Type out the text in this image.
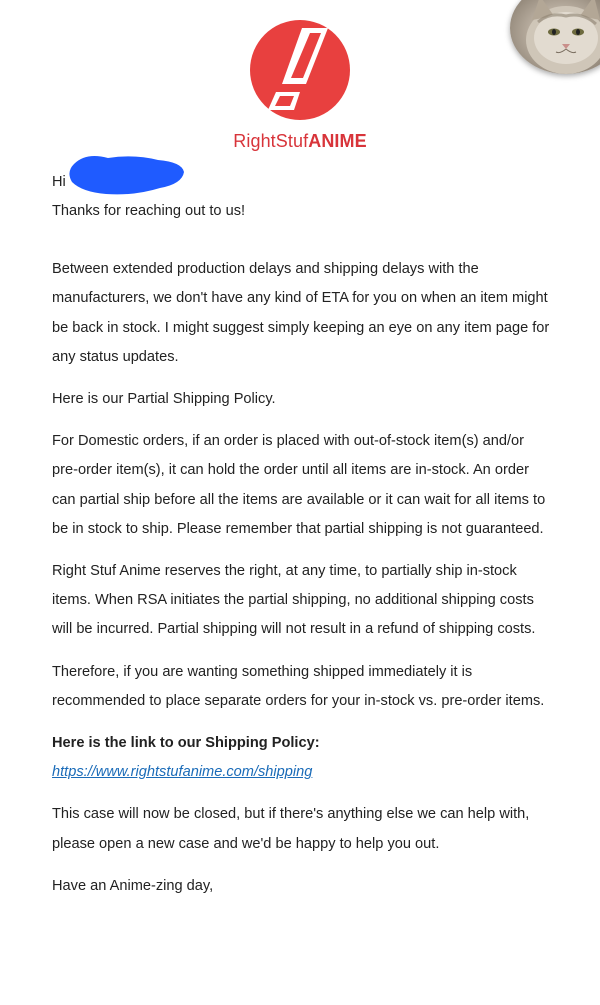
RightStufANIME
Hi

Thanks for reaching out to us!

Between extended production delays and shipping delays with the manufacturers, we don't have any kind of ETA for you on when an item might be back in stock. I might suggest simply keeping an eye on any item page for any status updates.

Here is our Partial Shipping Policy.

For Domestic orders, if an order is placed with out-of-stock item(s) and/or pre-order item(s), it can hold the order until all items are in-stock. An order can partial ship before all the items are available or it can wait for all items to be in stock to ship. Please remember that partial shipping is not guaranteed.

Right Stuf Anime reserves the right, at any time, to partially ship in-stock items. When RSA initiates the partial shipping, no additional shipping costs will be incurred. Partial shipping will not result in a refund of shipping costs.

Therefore, if you are wanting something shipped immediately it is recommended to place separate orders for your in-stock vs. pre-order items.

Here is the link to our Shipping Policy:

https://www.rightstufanime.com/shipping

This case will now be closed, but if there's anything else we can help with, please open a new case and we'd be happy to help you out.

Have an Anime-zing day,
